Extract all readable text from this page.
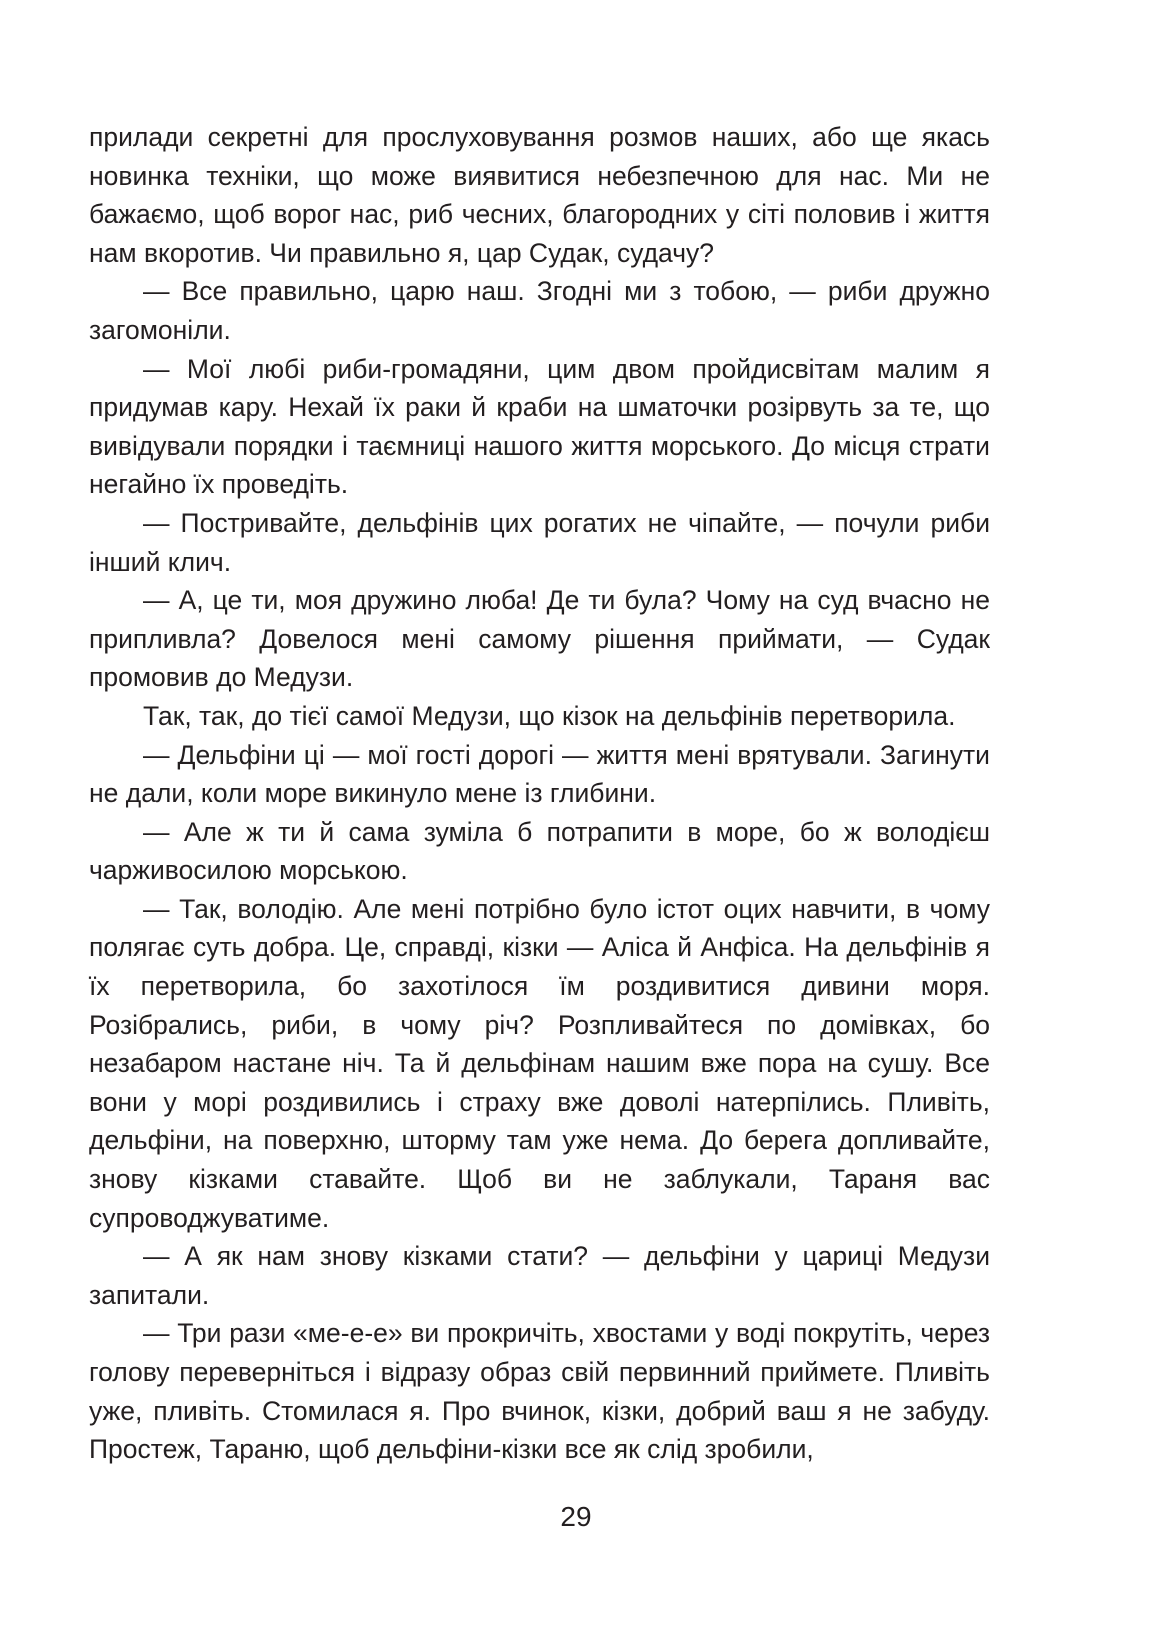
прилади секретні для прослуховування розмов наших, або ще якась новинка техніки, що може виявитися небезпечною для нас. Ми не бажаємо, щоб ворог нас, риб чесних, благородних у сіті половив і життя нам вкоротив. Чи правильно я, цар Судак, судачу?

— Все правильно, царю наш. Згодні ми з тобою, — риби дружно загомоніли.

— Мої любі риби-громадяни, цим двом пройдисвітам малим я придумав кару. Нехай їх раки й краби на шматочки розірвуть за те, що вивідували порядки і таємниці нашого життя морського. До місця страти негайно їх проведіть.

— Постривайте, дельфінів цих рогатих не чіпайте, — почули риби інший клич.

— А, це ти, моя дружино люба! Де ти була? Чому на суд вчасно не припливла? Довелося мені самому рішення приймати, — Судак промовив до Медузи.

Так, так, до тієї самої Медузи, що кізок на дельфінів перетворила.

— Дельфіни ці — мої гості дорогі — життя мені врятували. Загинути не дали, коли море викинуло мене із глибини.

— Але ж ти й сама зуміла б потрапити в море, бо ж володієш чарживосилою морською.

— Так, володію. Але мені потрібно було істот оцих навчити, в чому полягає суть добра. Це, справді, кізки — Аліса й Анфіса. На дельфінів я їх перетворила, бо захотілося їм роздивитися дивини моря. Розібрались, риби, в чому річ? Розпливайтеся по домівках, бо незабаром настане ніч. Та й дельфінам нашим вже пора на сушу. Все вони у морі роздивились і страху вже доволі натерпілись. Пливіть, дельфіни, на поверхню, шторму там уже нема. До берега допливайте, знову кізками ставайте. Щоб ви не заблукали, Тараня вас супроводжуватиме.

— А як нам знову кізками стати? — дельфіни у цариці Медузи запитали.

— Три рази «ме-е-е» ви прокричіть, хвостами у воді покрутіть, через голову переверніться і відразу образ свій первинний приймете. Пливіть уже, пливіть. Стомилася я. Про вчинок, кізки, добрий ваш я не забуду. Простеж, Тараню, щоб дельфіни-кізки все як слід зробили,

29
